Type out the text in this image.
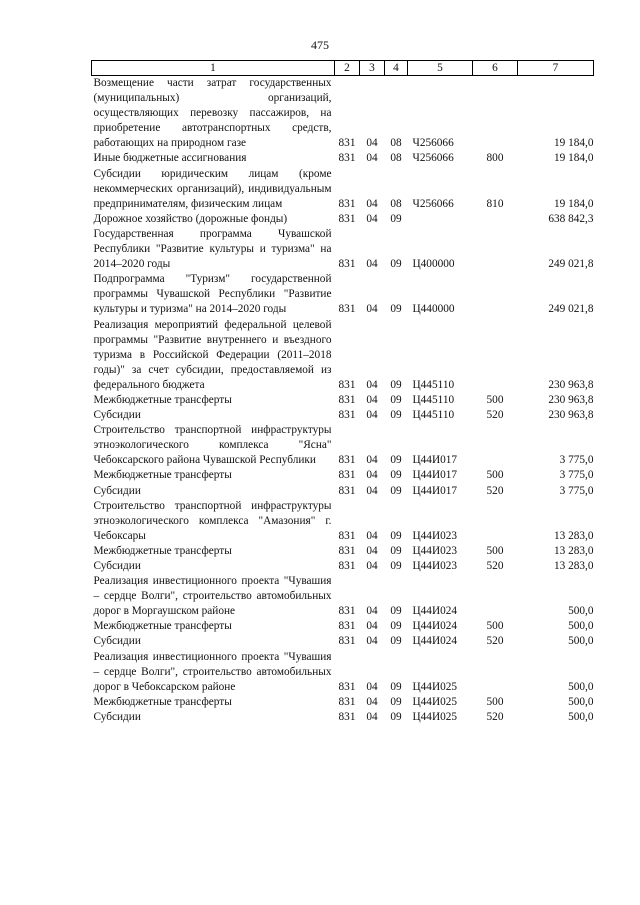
475
1	2	3	4	5	6	7
Возмещение части затрат государственных (муниципальных) организаций, осуществляющих перевозку пассажиров, на приобретение автотранспортных средств, работающих на природном газе	831	04	08	Ч256066		19 184,0
Иные бюджетные ассигнования	831	04	08	Ч256066	800	19 184,0
Субсидии юридическим лицам (кроме некоммерческих организаций), индивидуальным предпринимателям, физическим лицам	831	04	08	Ч256066	810	19 184,0
Дорожное хозяйство (дорожные фонды)	831	04	09			638 842,3
Государственная программа Чувашской Республики "Развитие культуры и туризма" на 2014–2020 годы	831	04	09	Ц400000		249 021,8
Подпрограмма "Туризм" государственной программы Чувашской Республики "Развитие культуры и туризма" на 2014–2020 годы	831	04	09	Ц440000		249 021,8
Реализация мероприятий федеральной целевой программы "Развитие внутреннего и въездного туризма в Российской Федерации (2011–2018 годы)" за счет субсидии, предоставляемой из федерального бюджета	831	04	09	Ц445110		230 963,8
Межбюджетные трансферты	831	04	09	Ц445110	500	230 963,8
Субсидии	831	04	09	Ц445110	520	230 963,8
Строительство транспортной инфраструктуры этноэкологического комплекса "Ясна" Чебоксарского района Чувашской Республики	831	04	09	Ц44И017		3 775,0
Межбюджетные трансферты	831	04	09	Ц44И017	500	3 775,0
Субсидии	831	04	09	Ц44И017	520	3 775,0
Строительство транспортной инфраструктуры этноэкологического комплекса "Амазония" г. Чебоксары	831	04	09	Ц44И023		13 283,0
Межбюджетные трансферты	831	04	09	Ц44И023	500	13 283,0
Субсидии	831	04	09	Ц44И023	520	13 283,0
Реализация инвестиционного проекта "Чувашия – сердце Волги", строительство автомобильных дорог в Моргаушском районе	831	04	09	Ц44И024		500,0
Межбюджетные трансферты	831	04	09	Ц44И024	500	500,0
Субсидии	831	04	09	Ц44И024	520	500,0
Реализация инвестиционного проекта "Чувашия – сердце Волги", строительство автомобильных дорог в Чебоксарском районе	831	04	09	Ц44И025		500,0
Межбюджетные трансферты	831	04	09	Ц44И025	500	500,0
Субсидии	831	04	09	Ц44И025	520	500,0
